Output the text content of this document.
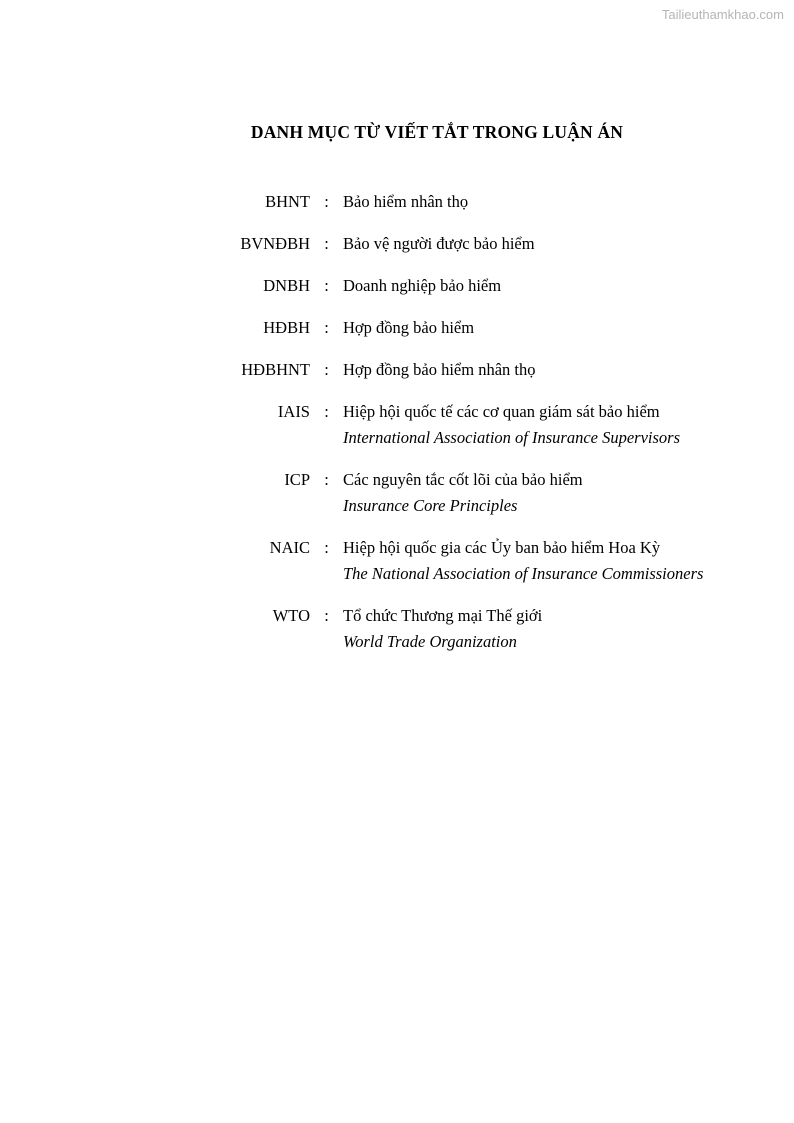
Tailieuthamkhao.com
DANH MỤC TỪ VIẾT TẮT TRONG LUẬN ÁN
BHNT : Bảo hiểm nhân thọ
BVNĐBH : Bảo vệ người được bảo hiểm
DNBH : Doanh nghiệp bảo hiểm
HĐBH : Hợp đồng bảo hiểm
HĐBHNT : Hợp đồng bảo hiểm nhân thọ
IAIS : Hiệp hội quốc tế các cơ quan giám sát bảo hiểm
International Association of Insurance Supervisors
ICP : Các nguyên tắc cốt lõi của bảo hiểm
Insurance Core Principles
NAIC : Hiệp hội quốc gia các Ủy ban bảo hiểm Hoa Kỳ
The National Association of Insurance Commissioners
WTO : Tổ chức Thương mại Thế giới
World Trade Organization
